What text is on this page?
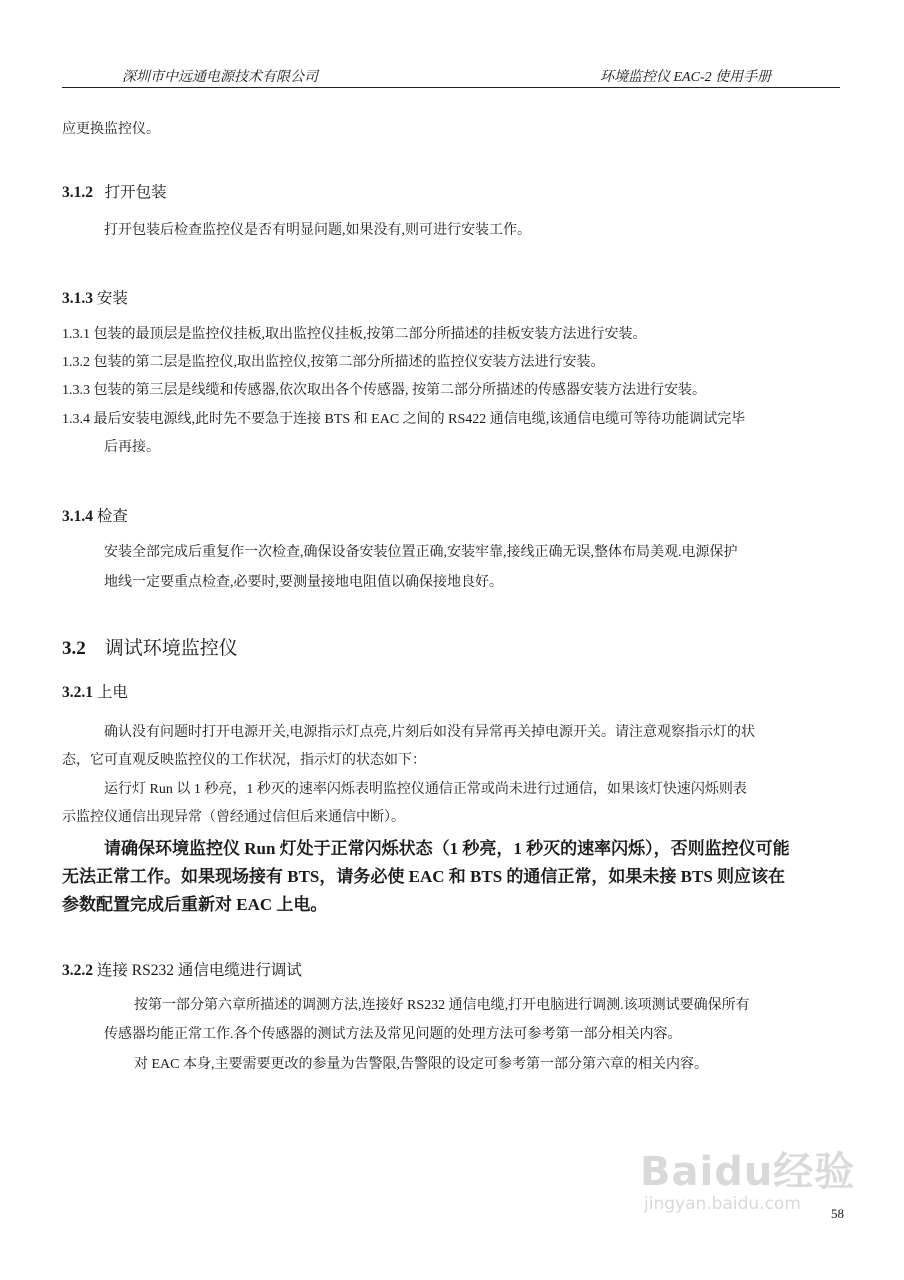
深圳市中远通电源技术有限公司	环境监控仪 EAC-2 使用手册
应更换监控仪。
3.1.2 打开包装
打开包装后检查监控仪是否有明显问题,如果没有,则可进行安装工作。
3.1.3 安装
1.3.1 包装的最顶层是监控仪挂板,取出监控仪挂板,按第二部分所描述的挂板安装方法进行安装。
1.3.2 包装的第二层是监控仪,取出监控仪,按第二部分所描述的监控仪安装方法进行安装。
1.3.3 包装的第三层是线缆和传感器,依次取出各个传感器, 按第二部分所描述的传感器安装方法进行安装。
1.3.4 最后安装电源线,此时先不要急于连接 BTS 和 EAC 之间的 RS422 通信电缆,该通信电缆可等待功能调试完毕
后再接。
3.1.4 检查
安装全部完成后重复作一次检查,确保设备安装位置正确,安装牢靠,接线正确无误,整体布局美观.电源保护
地线一定要重点检查,必要时,要测量接地电阻值以确保接地良好。
3.2 调试环境监控仪
3.2.1 上电
确认没有问题时打开电源开关,电源指示灯点亮,片刻后如没有异常再关掉电源开关。请注意观察指示灯的状
态，它可直观反映监控仪的工作状况，指示灯的状态如下：
运行灯 Run 以 1 秒亮，1 秒灭的速率闪烁表明监控仪通信正常或尚未进行过通信，如果该灯快速闪烁则表
示监控仪通信出现异常（曾经通过信但后来通信中断）。
请确保环境监控仪 Run 灯处于正常闪烁状态（1 秒亮，1 秒灭的速率闪烁），否则监控仪可能
无法正常工作。如果现场接有 BTS，请务必使 EAC 和 BTS 的通信正常，如果未接 BTS 则应该在
参数配置完成后重新对 EAC 上电。
3.2.2 连接 RS232 通信电缆进行调试
按第一部分第六章所描述的调测方法,连接好 RS232 通信电缆,打开电脑进行调测.该项测试要确保所有
传感器均能正常工作.各个传感器的测试方法及常见问题的处理方法可参考第一部分相关内容。
对 EAC 本身,主要需要更改的参量为告警限,告警限的设定可参考第一部分第六章的相关内容。
Baidu经验
jingyan.baidu.com 58
